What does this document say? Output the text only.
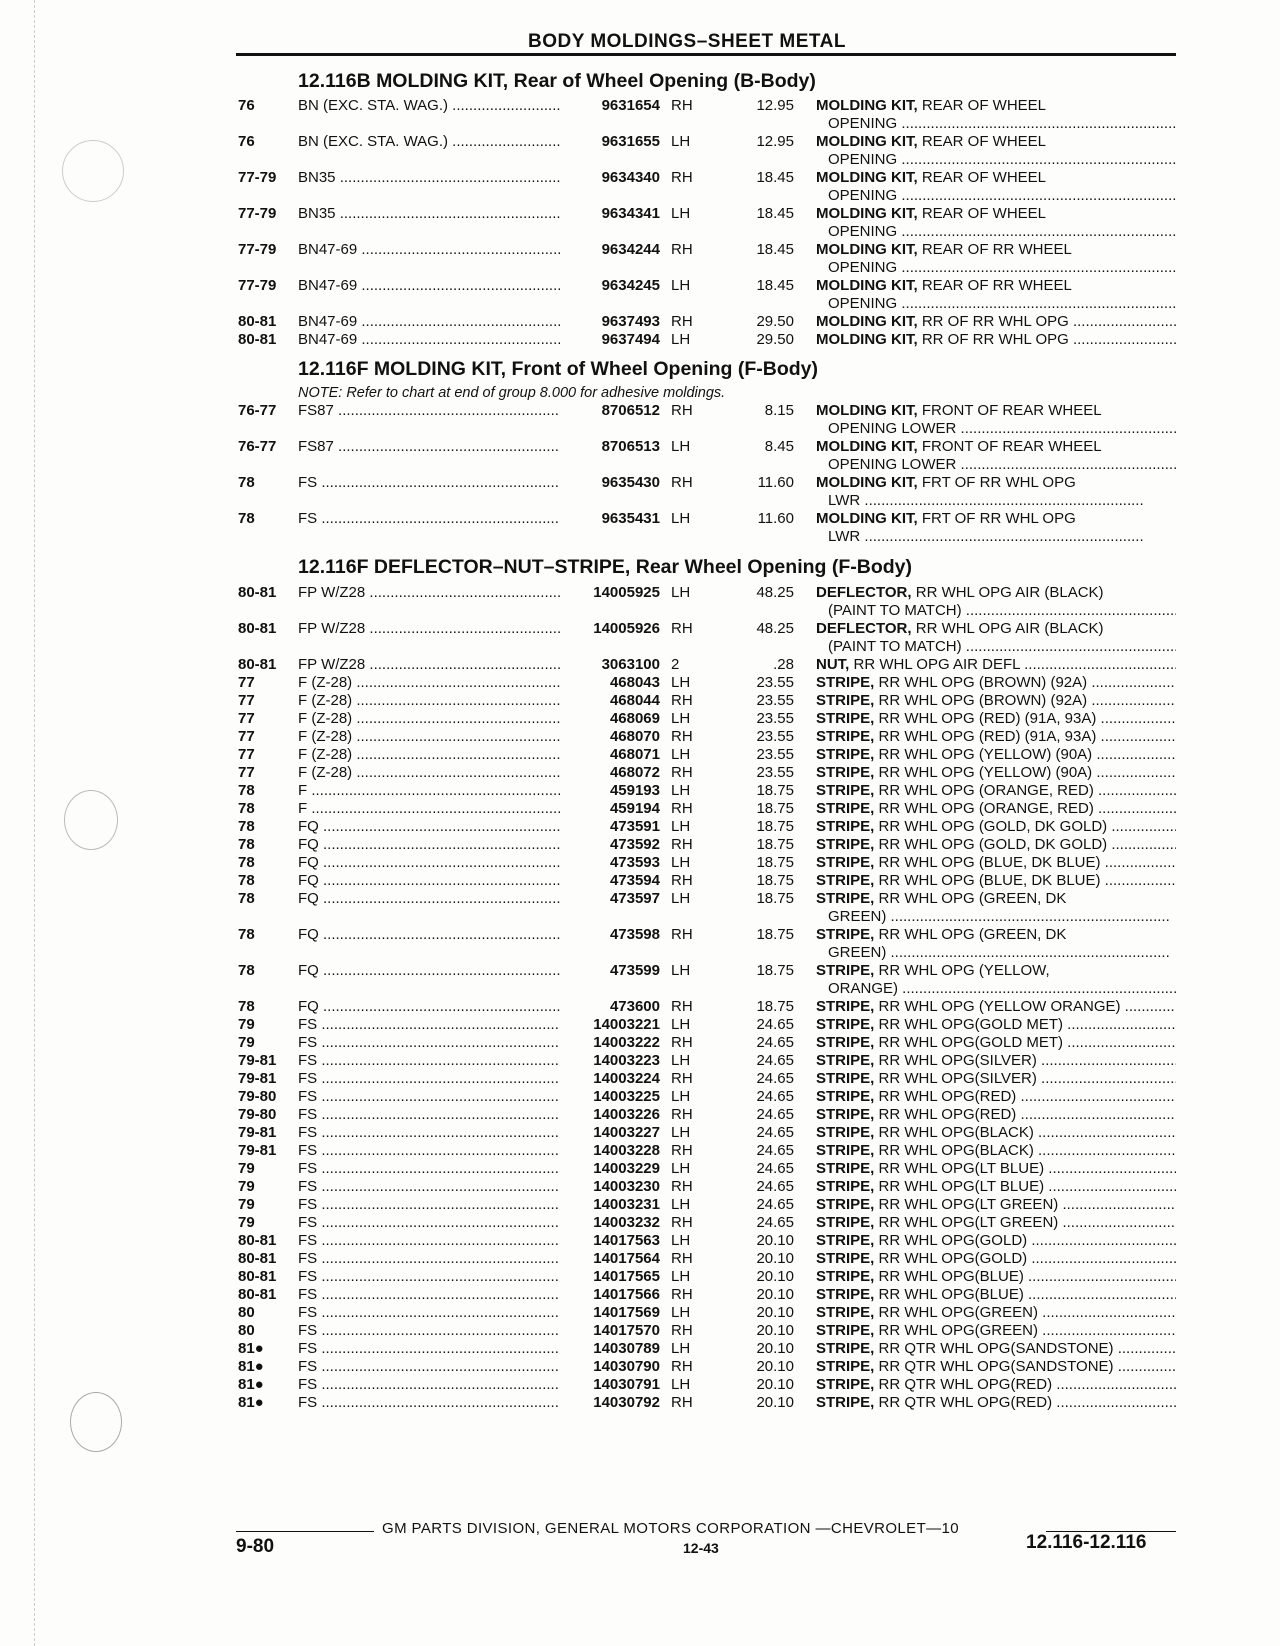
BODY MOLDINGS–SHEET METAL
12.116B MOLDING KIT, Rear of Wheel Opening (B-Body)
76	BN (EXC. STA. WAG.) .....	9631654 RH	12.95 MOLDING KIT, REAR OF WHEEL
OPENING .....
76	BN (EXC. STA. WAG.) .....	9631655 LH	12.95 MOLDING KIT, REAR OF WHEEL
OPENING .....
77-79 BN35 .....	9634340 RH	18.45 MOLDING KIT, REAR OF WHEEL
OPENING .....
77-79 BN35 .....	9634341 LH	18.45 MOLDING KIT, REAR OF WHEEL
OPENING .....
77-79 BN47-69 .....	9634244 RH	18.45 MOLDING KIT, REAR OF RR WHEEL
OPENING .....
77-79 BN47-69 .....	9634245 LH	18.45 MOLDING KIT, REAR OF RR WHEEL
OPENING .....
80-81 BN47-69 .....	9637493 RH	29.50 MOLDING KIT, RR OF RR WHL OPG .....
80-81 BN47-69 .....	9637494 LH	29.50 MOLDING KIT, RR OF RR WHL OPG .....
12.116F MOLDING KIT, Front of Wheel Opening (F-Body)
NOTE: Refer to chart at end of group 8.000 for adhesive moldings.
76-77 FS87 .....	8706512 RH	8.15 MOLDING KIT, FRONT OF REAR WHEEL
OPENING LOWER .....
76-77 FS87 .....	8706513 LH	8.45 MOLDING KIT, FRONT OF REAR WHEEL
OPENING LOWER .....
78	FS .....	9635430 RH	11.60 MOLDING KIT, FRT OF RR WHL OPG
LWR .....
78	FS .....	9635431 LH	11.60 MOLDING KIT, FRT OF RR WHL OPG
LWR .....
12.116F DEFLECTOR–NUT–STRIPE, Rear Wheel Opening (F-Body)
80-81 FP W/Z28 .....	14005925 LH	48.25 DEFLECTOR, RR WHL OPG AIR (BLACK)
(PAINT TO MATCH) .....
80-81 FP W/Z28 .....	14005926 RH	48.25 DEFLECTOR, RR WHL OPG AIR (BLACK)
(PAINT TO MATCH) .....
80-81 FP W/Z28 .....	3063100 2	.28 NUT, RR WHL OPG AIR DEFL .....
77	F (Z-28) .....	468043 LH	23.55 STRIPE, RR WHL OPG (BROWN) (92A) .....
77	F (Z-28) .....	468044 RH	23.55 STRIPE, RR WHL OPG (BROWN) (92A) .....
77	F (Z-28) .....	468069 LH	23.55 STRIPE, RR WHL OPG (RED) (91A, 93A) .....
77	F (Z-28) .....	468070 RH	23.55 STRIPE, RR WHL OPG (RED) (91A, 93A) .....
77	F (Z-28) .....	468071 LH	23.55 STRIPE, RR WHL OPG (YELLOW) (90A) .....
77	F (Z-28) .....	468072 RH	23.55 STRIPE, RR WHL OPG (YELLOW) (90A) .....
78	F .....	459193 LH	18.75 STRIPE, RR WHL OPG (ORANGE, RED) .....
78	F .....	459194 RH	18.75 STRIPE, RR WHL OPG (ORANGE, RED) .....
78	FQ .....	473591 LH	18.75 STRIPE, RR WHL OPG (GOLD, DK GOLD) .....
78	FQ .....	473592 RH	18.75 STRIPE, RR WHL OPG (GOLD, DK GOLD) .....
78	FQ .....	473593 LH	18.75 STRIPE, RR WHL OPG (BLUE, DK BLUE) .....
78	FQ .....	473594 RH	18.75 STRIPE, RR WHL OPG (BLUE, DK BLUE) .....
78	FQ .....	473597 LH	18.75 STRIPE, RR WHL OPG (GREEN, DK
GREEN) .....
78	FQ .....	473598 RH	18.75 STRIPE, RR WHL OPG (GREEN, DK
GREEN) .....
78	FQ .....	473599 LH	18.75 STRIPE, RR WHL OPG (YELLOW,
ORANGE) .....
78	FQ .....	473600 RH	18.75 STRIPE, RR WHL OPG (YELLOW ORANGE) .....
79	FS .....	14003221 LH	24.65 STRIPE, RR WHL OPG(GOLD MET) .....
79	FS .....	14003222 RH	24.65 STRIPE, RR WHL OPG(GOLD MET) .....
79-81 FS .....	14003223 LH	24.65 STRIPE, RR WHL OPG(SILVER) .....
79-81 FS .....	14003224 RH	24.65 STRIPE, RR WHL OPG(SILVER) .....
79-80 FS .....	14003225 LH	24.65 STRIPE, RR WHL OPG(RED) .....
79-80 FS .....	14003226 RH	24.65 STRIPE, RR WHL OPG(RED) .....
79-81 FS .....	14003227 LH	24.65 STRIPE, RR WHL OPG(BLACK) .....
79-81 FS .....	14003228 RH	24.65 STRIPE, RR WHL OPG(BLACK) .....
79	FS .....	14003229 LH	24.65 STRIPE, RR WHL OPG(LT BLUE) .....
79	FS .....	14003230 RH	24.65 STRIPE, RR WHL OPG(LT BLUE) .....
79	FS .....	14003231 LH	24.65 STRIPE, RR WHL OPG(LT GREEN) .....
79	FS .....	14003232 RH	24.65 STRIPE, RR WHL OPG(LT GREEN) .....
80-81 FS .....	14017563 LH	20.10 STRIPE, RR WHL OPG(GOLD) .....
80-81 FS .....	14017564 RH	20.10 STRIPE, RR WHL OPG(GOLD) .....
80-81 FS .....	14017565 LH	20.10 STRIPE, RR WHL OPG(BLUE) .....
80-81 FS .....	14017566 RH	20.10 STRIPE, RR WHL OPG(BLUE) .....
80	FS .....	14017569 LH	20.10 STRIPE, RR WHL OPG(GREEN) .....
80	FS .....	14017570 RH	20.10 STRIPE, RR WHL OPG(GREEN) .....
81● FS .....	14030789 LH	20.10 STRIPE, RR QTR WHL OPG(SANDSTONE) .....
81● FS .....	14030790 RH	20.10 STRIPE, RR QTR WHL OPG(SANDSTONE) .....
81● FS .....	14030791 LH	20.10 STRIPE, RR QTR WHL OPG(RED) .....
81● FS .....	14030792 RH	20.10 STRIPE, RR QTR WHL OPG(RED) .....
GM PARTS DIVISION, GENERAL MOTORS CORPORATION —CHEVROLET—10
9-80	12-43	12.116-12.116
